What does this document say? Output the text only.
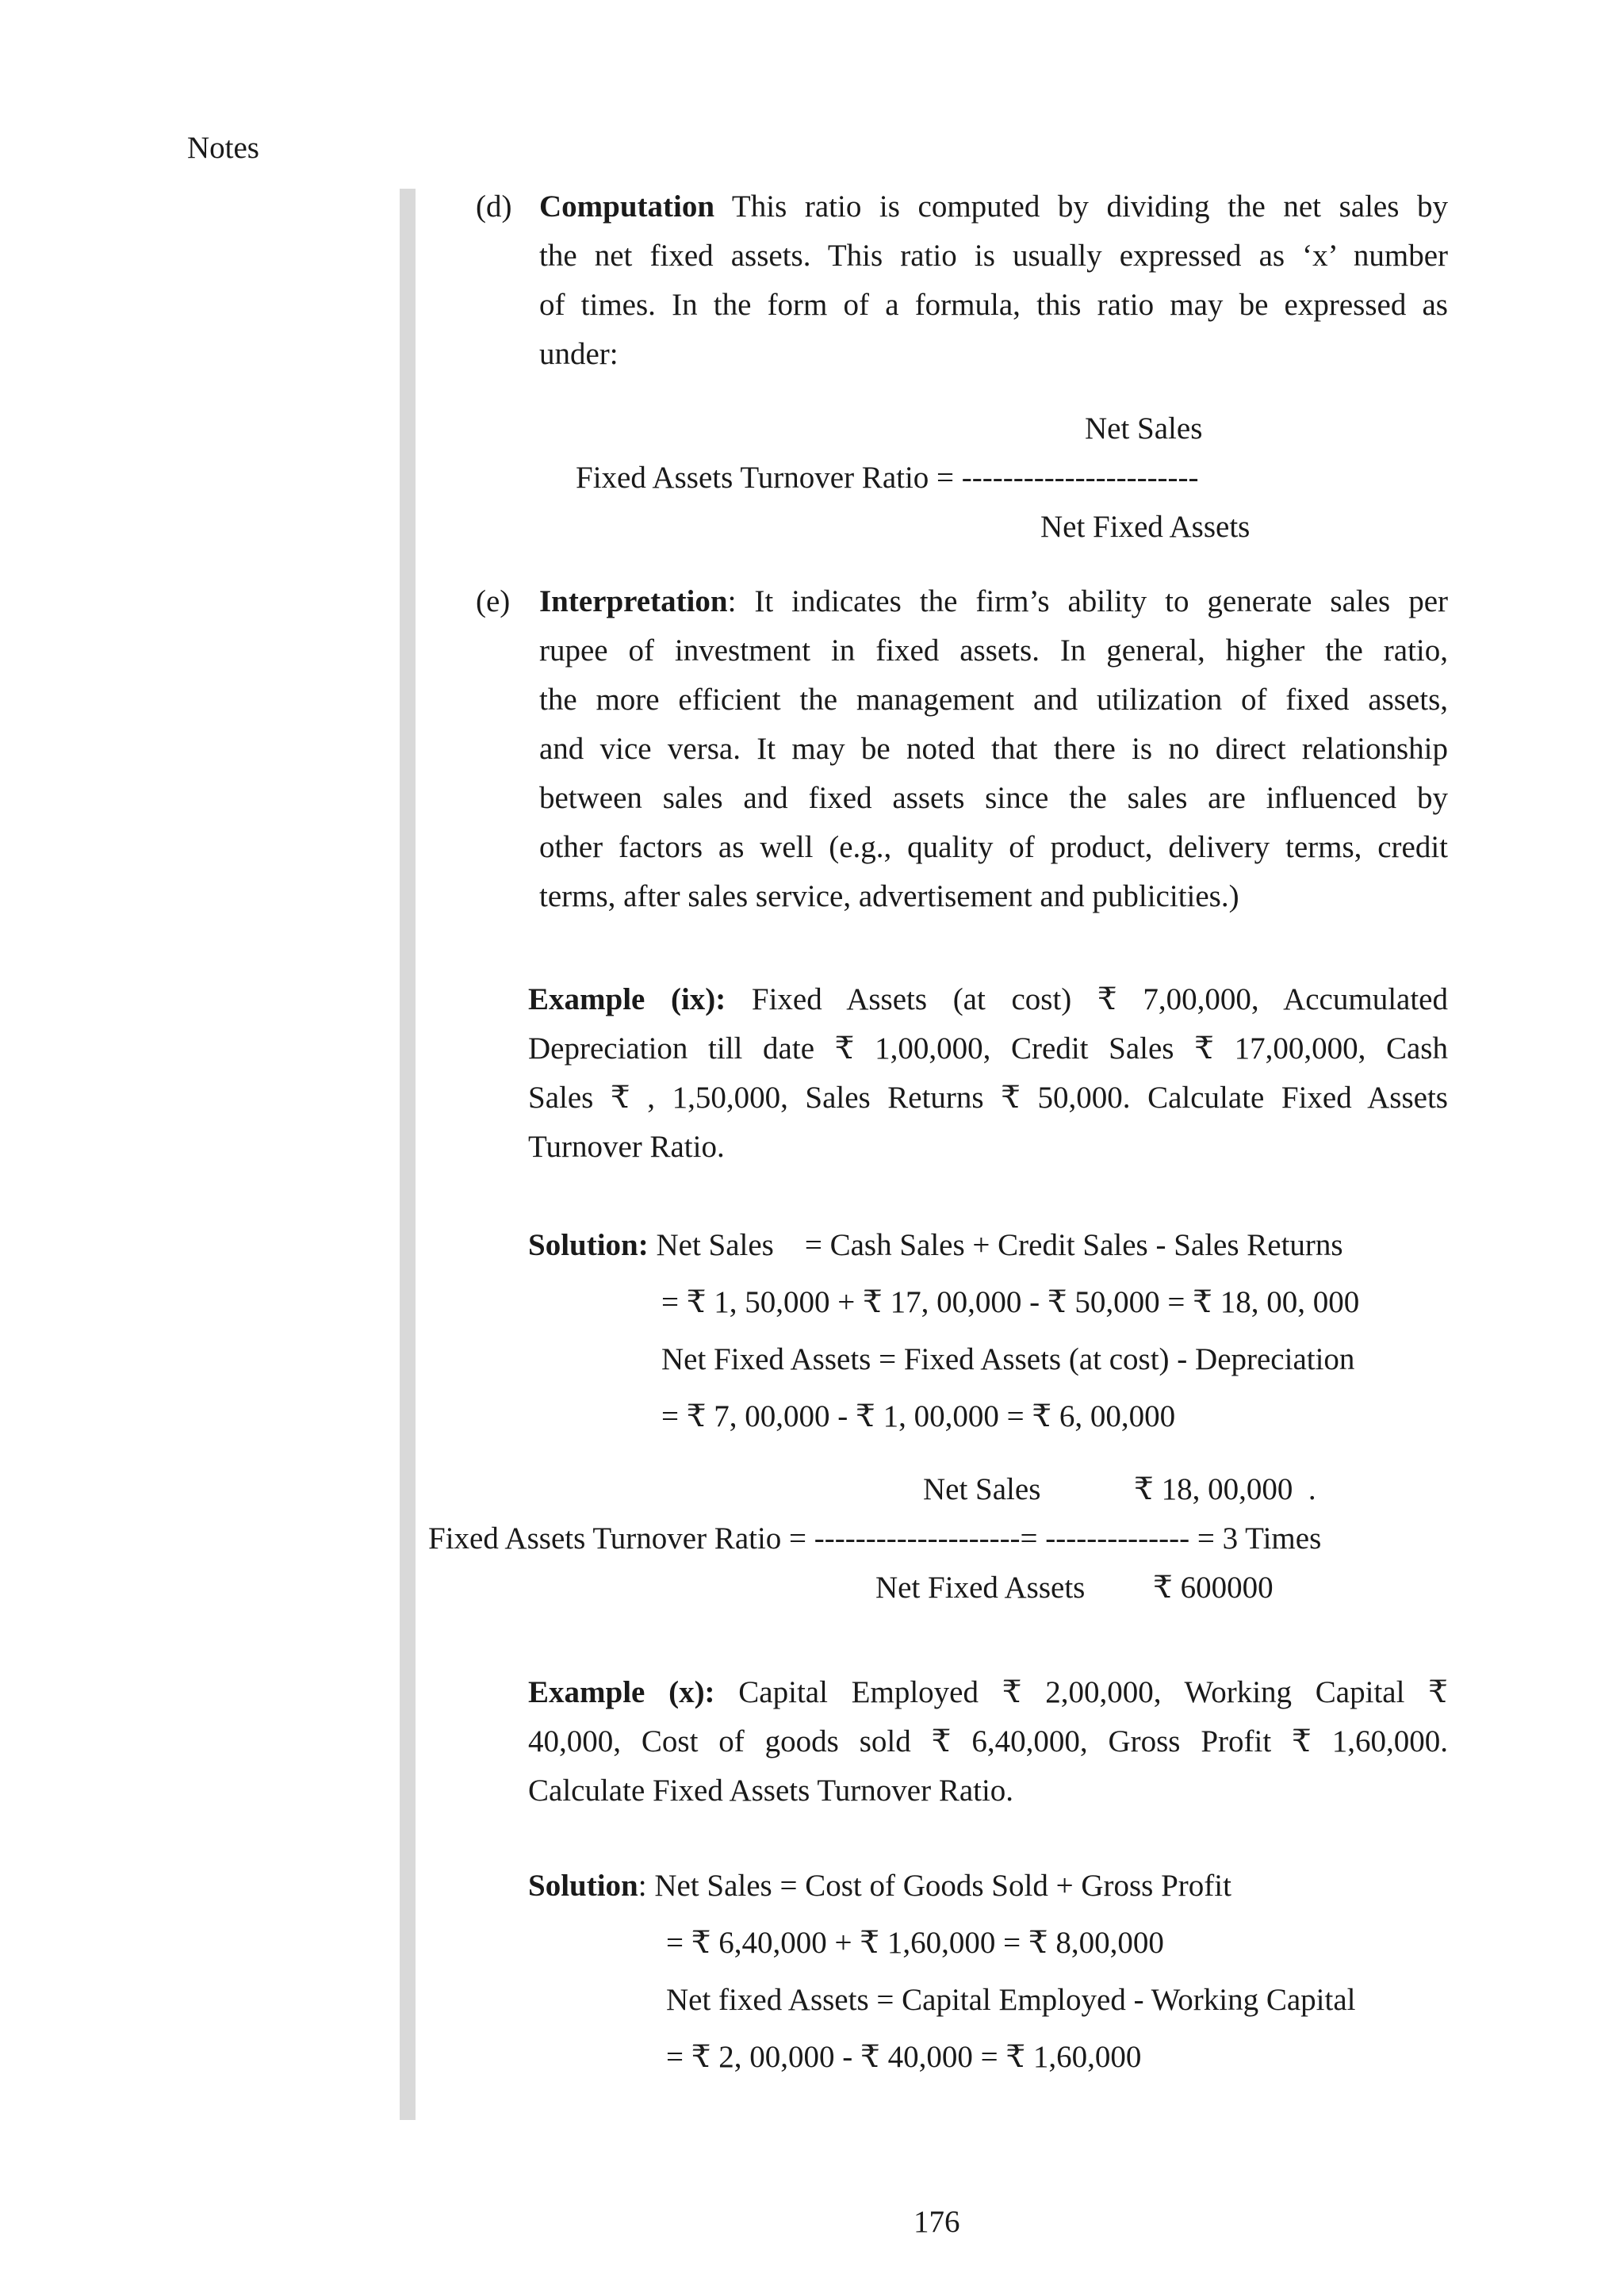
Notes
(d) Computation This ratio is computed by dividing the net sales by
the net fixed assets. This ratio is usually expressed as ‘x’ number
of times. In the form of a formula, this ratio may be expressed as
under:
Net Sales
Fixed Assets Turnover Ratio = -----------------------
Net Fixed Assets
(e) Interpretation: It indicates the firm’s ability to generate sales per
rupee of investment in fixed assets. In general, higher the ratio,
the more efficient the management and utilization of fixed assets,
and vice versa. It may be noted that there is no direct relationship
between sales and fixed assets since the sales are influenced by
other factors as well (e.g., quality of product, delivery terms, credit
terms, after sales service, advertisement and publicities.)
Example (ix): Fixed Assets (at cost) ₹ 7,00,000, Accumulated
Depreciation till date ₹ 1,00,000, Credit Sales ₹ 17,00,000, Cash
Sales ₹ , 1,50,000, Sales Returns ₹ 50,000. Calculate Fixed Assets
Turnover Ratio.
Solution: Net Sales    = Cash Sales + Credit Sales - Sales Returns
= ₹ 1, 50,000 + ₹ 17, 00,000 - ₹ 50,000 = ₹ 18, 00, 000
Net Fixed Assets = Fixed Assets (at cost) - Depreciation
= ₹ 7, 00,000 - ₹ 1, 00,000 = ₹ 6, 00,000
Net Sales	₹ 18, 00,000  .
Fixed Assets Turnover Ratio = --------------------= -------------- = 3 Times
Net Fixed Assets ₹ 600000
Example (x): Capital Employed ₹ 2,00,000, Working Capital ₹
40,000, Cost of goods sold ₹ 6,40,000, Gross Profit ₹ 1,60,000.
Calculate Fixed Assets Turnover Ratio.
Solution: Net Sales = Cost of Goods Sold + Gross Profit
= ₹ 6,40,000 + ₹ 1,60,000 = ₹ 8,00,000
Net fixed Assets = Capital Employed - Working Capital
= ₹ 2, 00,000 - ₹ 40,000 = ₹ 1,60,000
176
